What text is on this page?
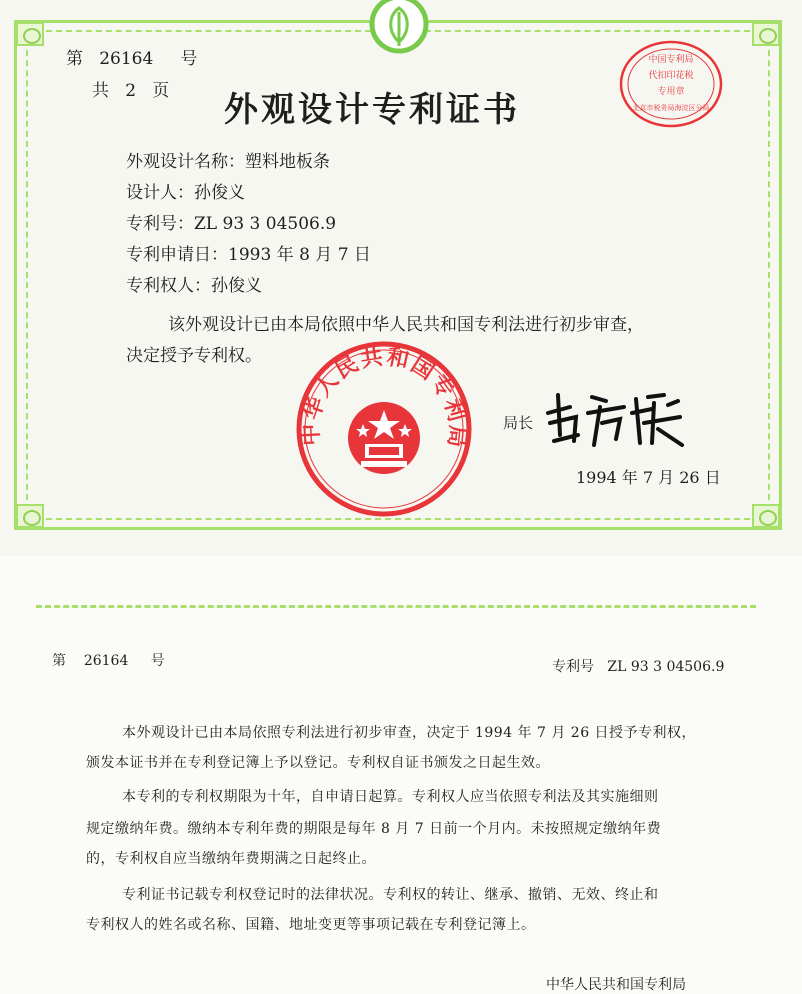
第 26164 号
共 2 页 外观设计专利证书
外观设计名称：塑料地板条
设计人：孙俊义
专利号：ZL 93 3 04506.9
专利申请日：1993 年 8 月 7 日
专利权人：孙俊义
该外观设计已由本局依照中华人民共和国专利法进行初步审查，
决定授予专利权。
中国专利局
代扣印花税
专用章
北京市税务局海淀区分局
中华人民共和国专利局
局长
1994 年 7 月 26 日
第 26164 号	专利号 ZL 93 3 04506.9
本外观设计已由本局依照专利法进行初步审查，决定于 1994 年 7 月 26 日授予专利权，
颁发本证书并在专利登记簿上予以登记。专利权自证书颁发之日起生效。
本专利的专利权期限为十年，自申请日起算。专利权人应当依照专利法及其实施细则
规定缴纳年费。缴纳本专利年费的期限是每年 8 月 7 日前一个月内。未按照规定缴纳年费
的，专利权自应当缴纳年费期满之日起终止。
专利证书记载专利权登记时的法律状况。专利权的转让、继承、撤销、无效、终止和
专利权人的姓名或名称、国籍、地址变更等事项记载在专利登记簿上。
中华人民共和国专利局
